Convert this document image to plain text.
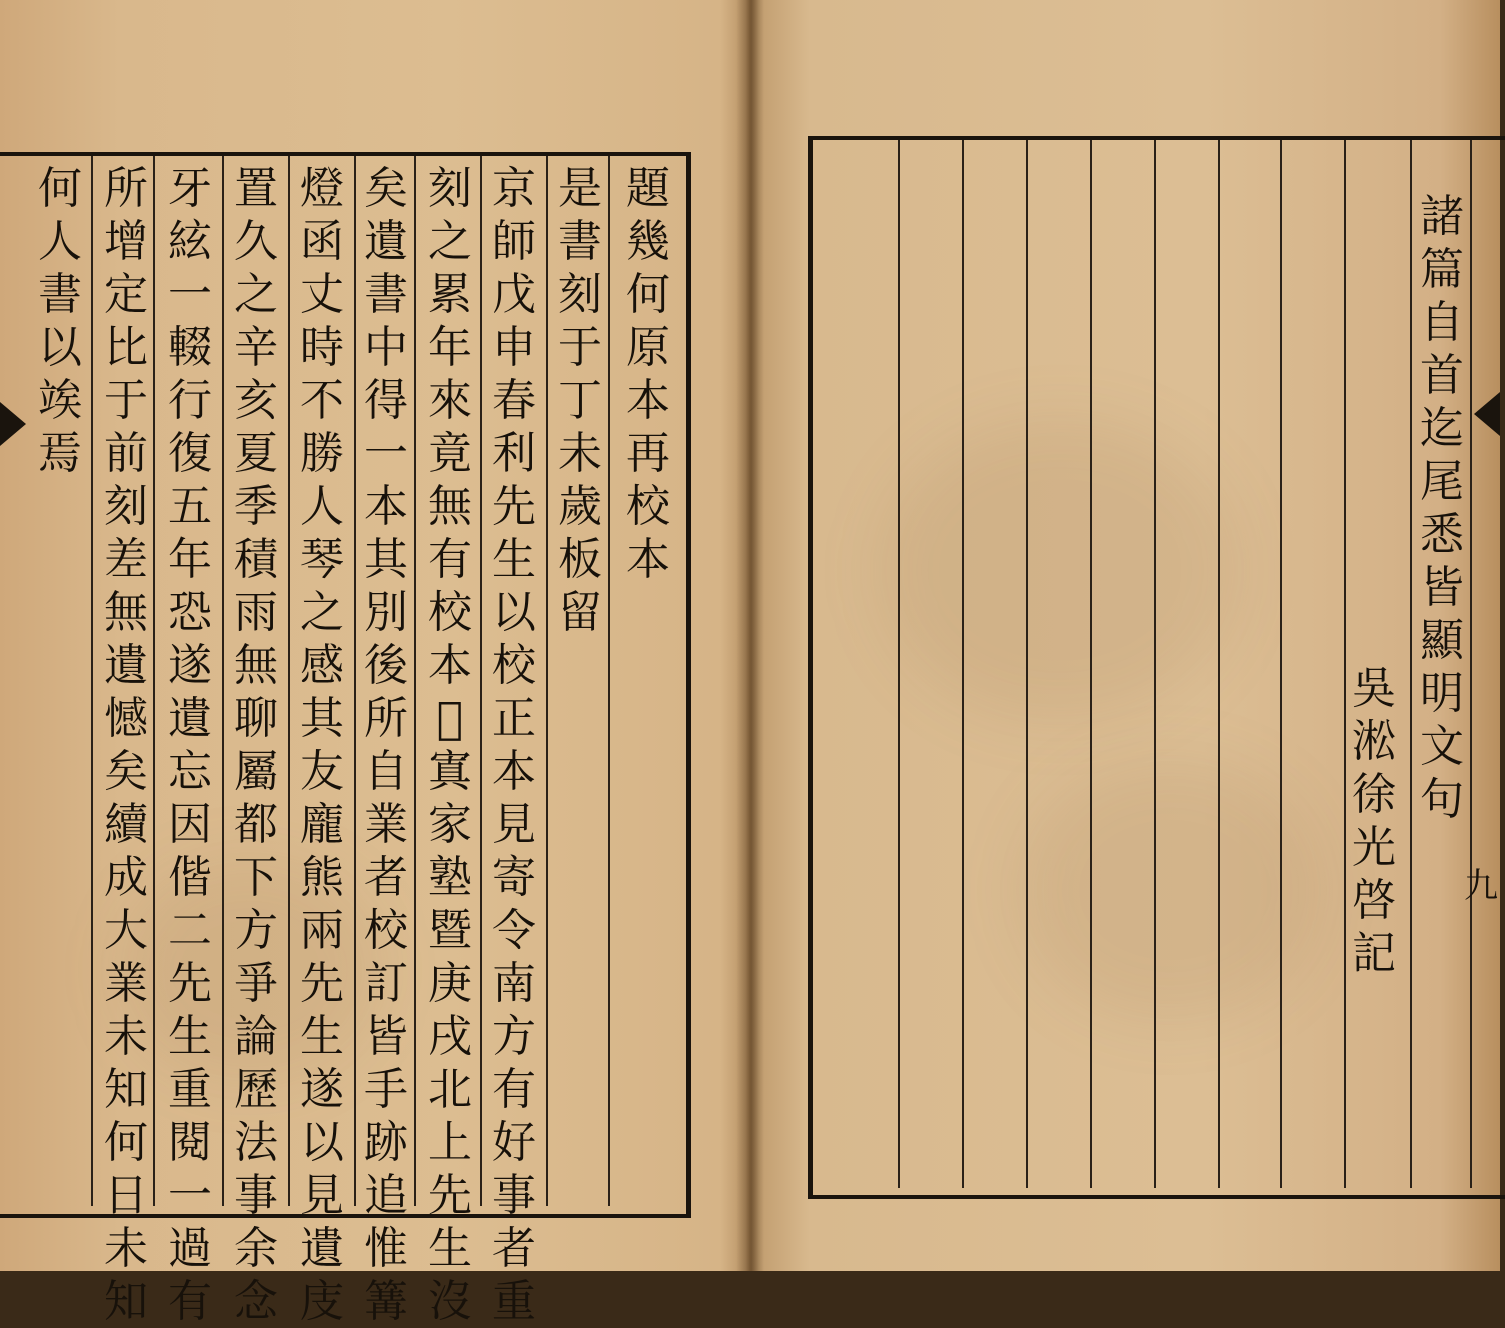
題
幾
何
原
本
再
校
本
是
書
刻
于
丁
未
歲
板
留
京
師
戊
申
春
利
先
生
以
校
正
本
見
寄
令
南
方
有
好
事
者
重
刻
之
累
年
來
竟
無
有
校
本
𣈆
寘
家
塾
暨
庚
戌
北
上
先
生
沒
矣
遺
書
中
得
一
本
其
別
後
所
自
業
者
校
訂
皆
手
跡
追
惟
篝
燈
函
丈
時
不
勝
人
琴
之
感
其
友
龐
熊
兩
先
生
遂
以
見
遺
庋
置
久
之
辛
亥
夏
季
積
雨
無
聊
屬
都
下
方
爭
論
歷
法
事
余
念
牙
絃
一
輟
行
復
五
年
恐
遂
遺
忘
因
偕
二
先
生
重
閱
一
過
有
所
增
定
比
于
前
刻
差
無
遺
憾
矣
續
成
大
業
未
知
何
日
未
知
何
人
書
以
竢
焉
諸
篇
自
首
迄
尾
悉
皆
顯
明
文
句
吳
淞
徐
光
啓
記
九
